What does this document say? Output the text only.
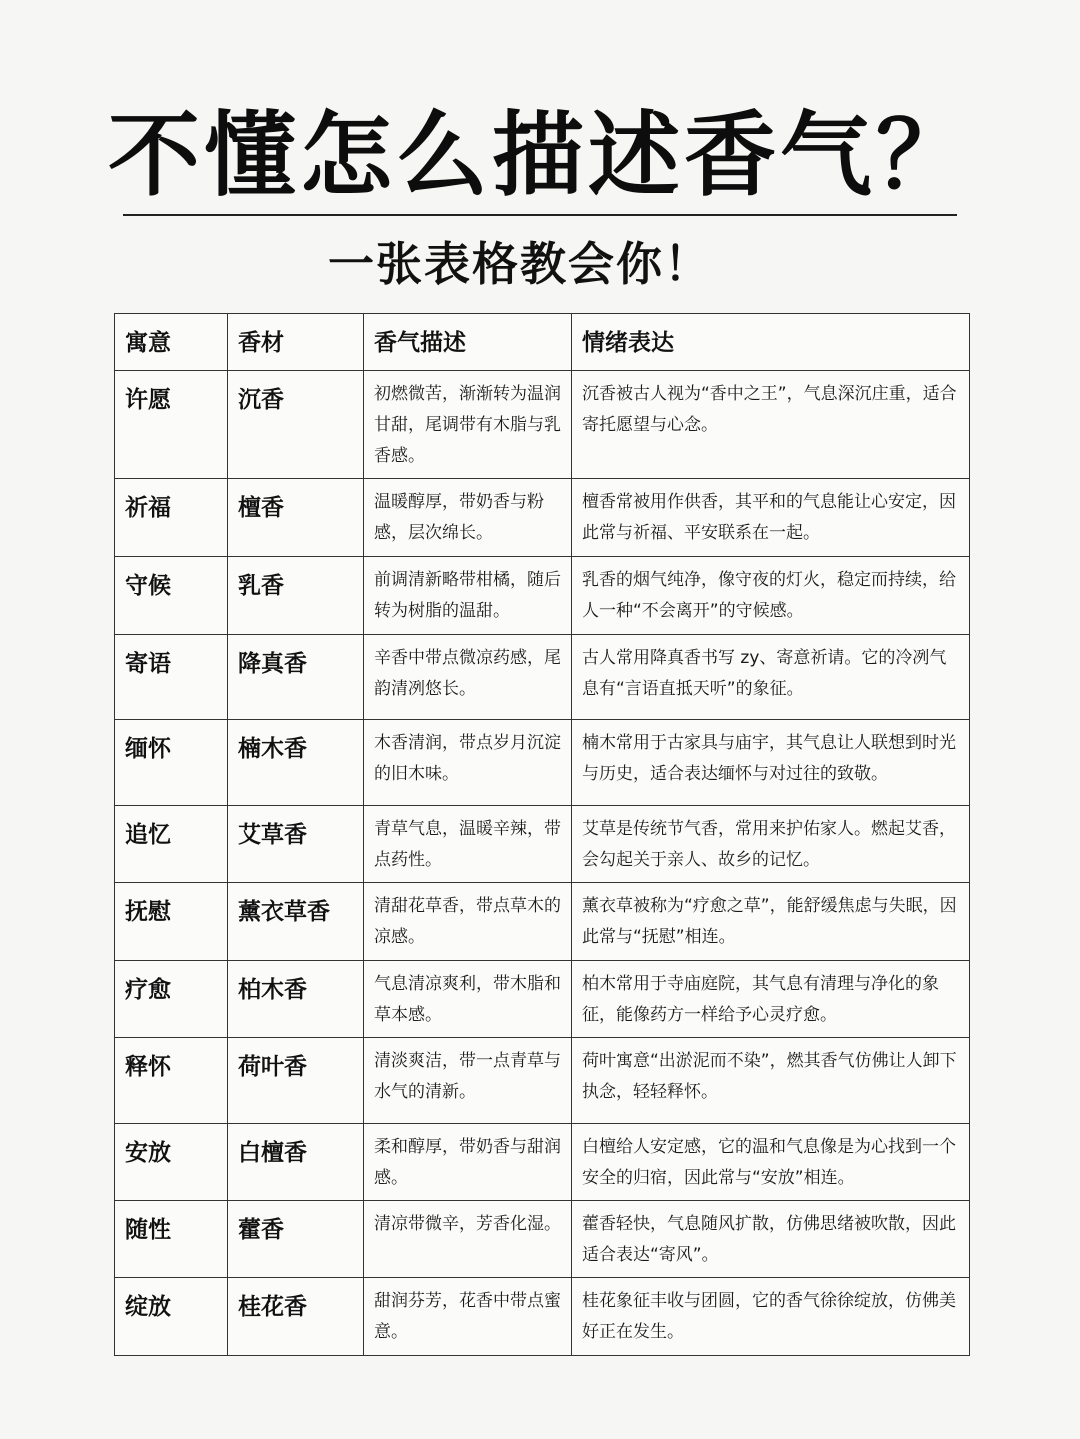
不懂怎么描述香气？
一张表格教会你！
寓意	香材	香气描述	情绪表达
许愿	沉香	初燃微苦，渐渐转为温润甘甜，尾调带有木脂与乳香感。	沉香被古人视为“香中之王”，气息深沉庄重，适合寄托愿望与心念。
祈福	檀香	温暖醇厚，带奶香与粉感，层次绵长。	檀香常被用作供香，其平和的气息能让心安定，因此常与祈福、平安联系在一起。
守候	乳香	前调清新略带柑橘，随后转为树脂的温甜。	乳香的烟气纯净，像守夜的灯火，稳定而持续，给人一种“不会离开”的守候感。
寄语	降真香	辛香中带点微凉药感，尾韵清冽悠长。	古人常用降真香书写 zy、寄意祈请。它的冷冽气息有“言语直抵天听”的象征。
缅怀	楠木香	木香清润，带点岁月沉淀的旧木味。	楠木常用于古家具与庙宇，其气息让人联想到时光与历史，适合表达缅怀与对过往的致敬。
追忆	艾草香	青草气息，温暖辛辣，带点药性。	艾草是传统节气香，常用来护佑家人。燃起艾香，会勾起关于亲人、故乡的记忆。
抚慰	薰衣草香	清甜花草香，带点草木的凉感。	薰衣草被称为“疗愈之草”，能舒缓焦虑与失眠，因此常与“抚慰”相连。
疗愈	柏木香	气息清凉爽利，带木脂和草本感。	柏木常用于寺庙庭院，其气息有清理与净化的象征，能像药方一样给予心灵疗愈。
释怀	荷叶香	清淡爽洁，带一点青草与水气的清新。	荷叶寓意“出淤泥而不染”，燃其香气仿佛让人卸下执念，轻轻释怀。
安放	白檀香	柔和醇厚，带奶香与甜润感。	白檀给人安定感，它的温和气息像是为心找到一个安全的归宿，因此常与“安放”相连。
随性	藿香	清凉带微辛，芳香化湿。	藿香轻快，气息随风扩散，仿佛思绪被吹散，因此适合表达“寄风”。
绽放	桂花香	甜润芬芳，花香中带点蜜意。	桂花象征丰收与团圆，它的香气徐徐绽放，仿佛美好正在发生。
